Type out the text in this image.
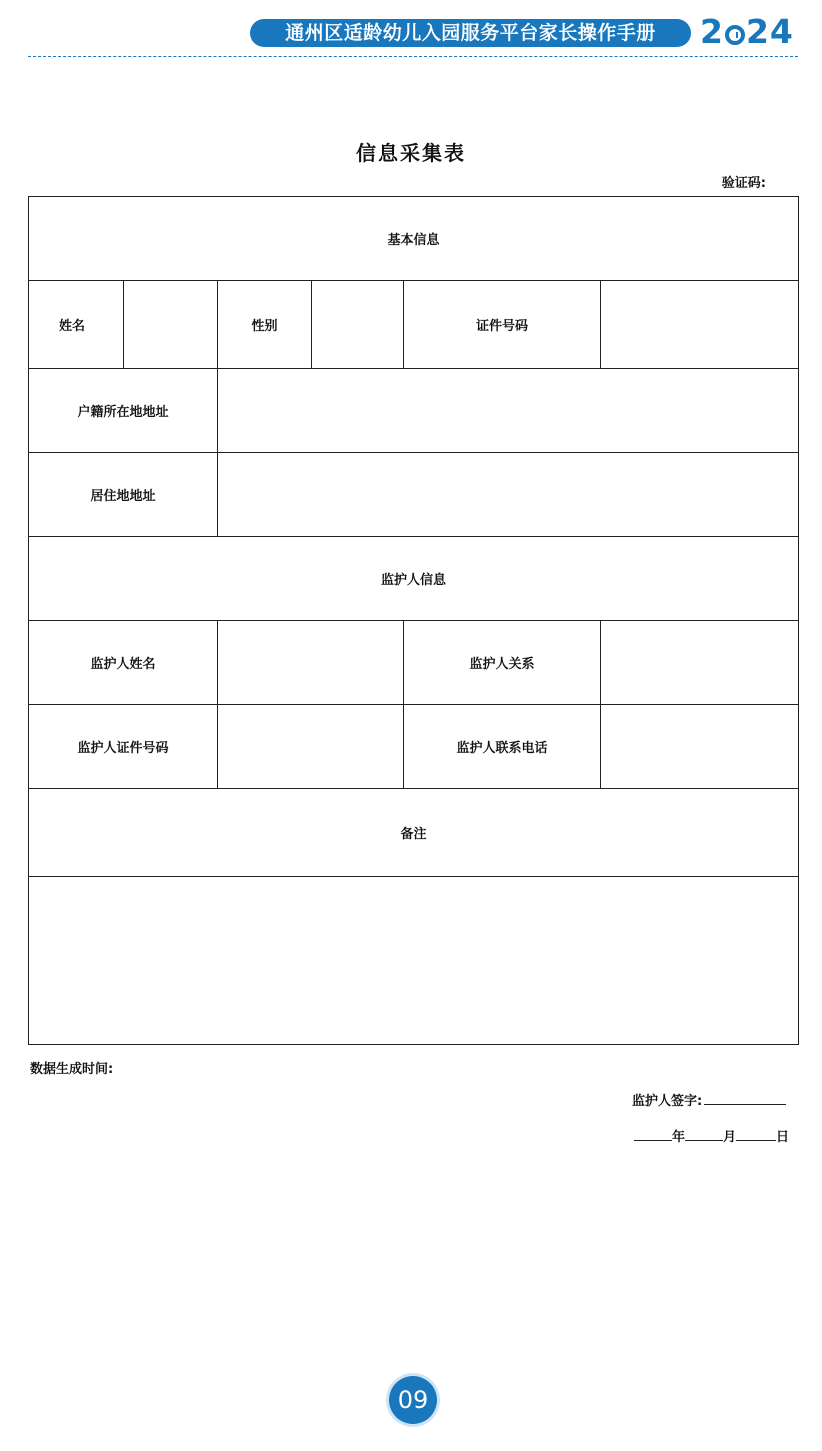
通州区适龄幼儿入园服务平台家长操作手册	2 24
信息采集表
验证码:
基本信息					
姓名		性别		证件号码	
户籍所在地地址					
居住地地址					
监护人信息					
监护人姓名				监护人关系	
监护人证件号码				监护人联系电话	
备注					

数据生成时间:
监护人签字:
年	月	日
09
